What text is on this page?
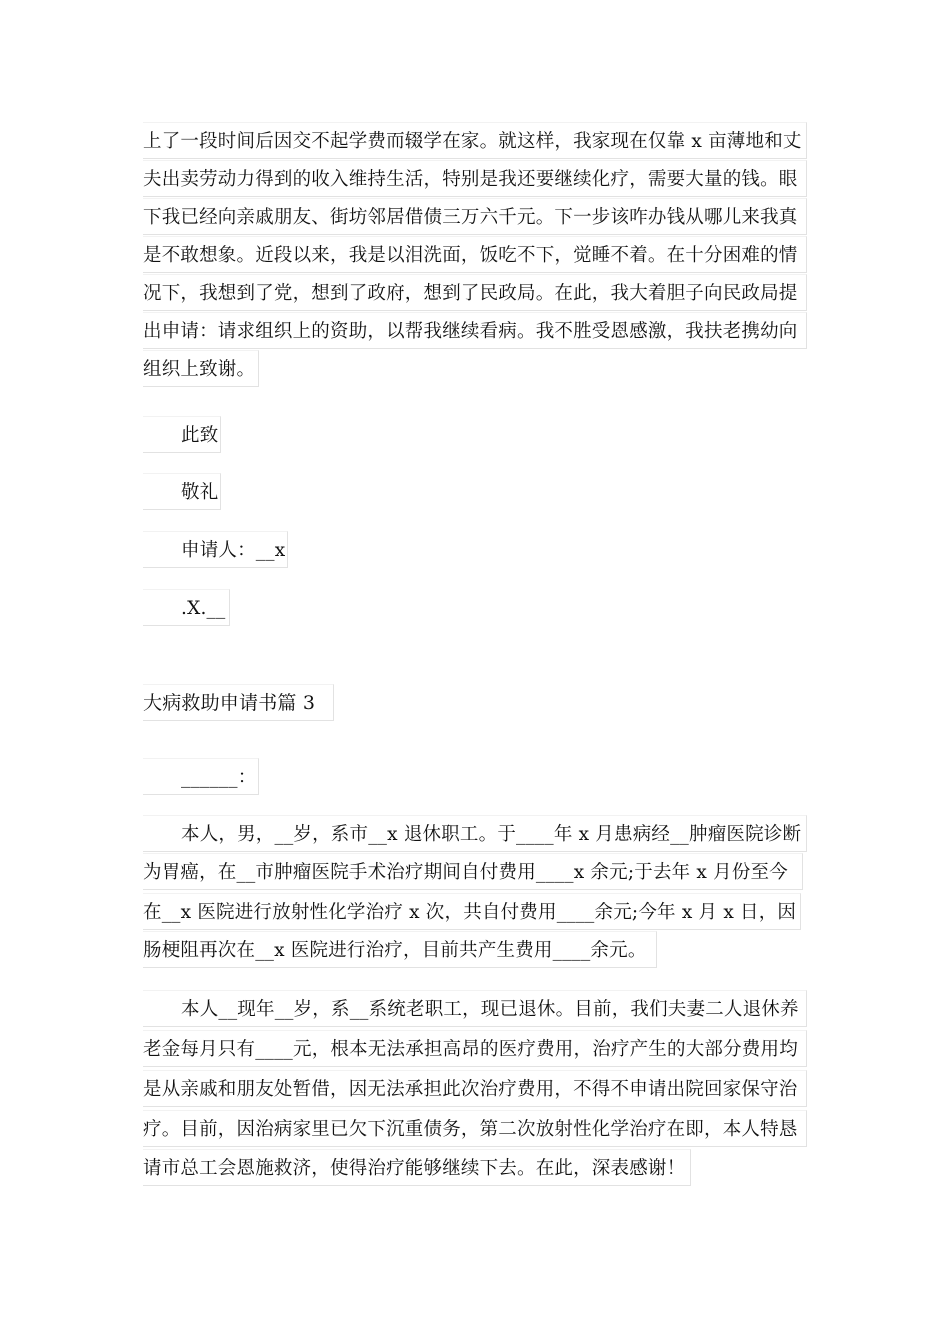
上了一段时间后因交不起学费而辍学在家。就这样，我家现在仅靠 x 亩薄地和丈
夫出卖劳动力得到的收入维持生活，特别是我还要继续化疗，需要大量的钱。眼
下我已经向亲戚朋友、街坊邻居借债三万六千元。下一步该咋办钱从哪儿来我真
是不敢想象。近段以来，我是以泪洗面，饭吃不下，觉睡不着。在十分困难的情
况下，我想到了党，想到了政府，想到了民政局。在此，我大着胆子向民政局提
出申请：请求组织上的资助，以帮我继续看病。我不胜受恩感激，我扶老携幼向
组织上致谢。
此致
敬礼
申请人：__x
.X.__
大病救助申请书篇 3
______：
本人，男，__岁，系市__x 退休职工。于____年 x 月患病经__肿瘤医院诊断
为胃癌，在__市肿瘤医院手术治疗期间自付费用____x 余元;于去年 x 月份至今
在__x 医院进行放射性化学治疗 x 次，共自付费用____余元;今年 x 月 x 日，因
肠梗阻再次在__x 医院进行治疗，目前共产生费用____余元。
本人__现年__岁，系__系统老职工，现已退休。目前，我们夫妻二人退休养
老金每月只有____元，根本无法承担高昂的医疗费用，治疗产生的大部分费用均
是从亲戚和朋友处暂借，因无法承担此次治疗费用，不得不申请出院回家保守治
疗。目前，因治病家里已欠下沉重债务，第二次放射性化学治疗在即，本人特恳
请市总工会恩施救济，使得治疗能够继续下去。在此，深表感谢！
